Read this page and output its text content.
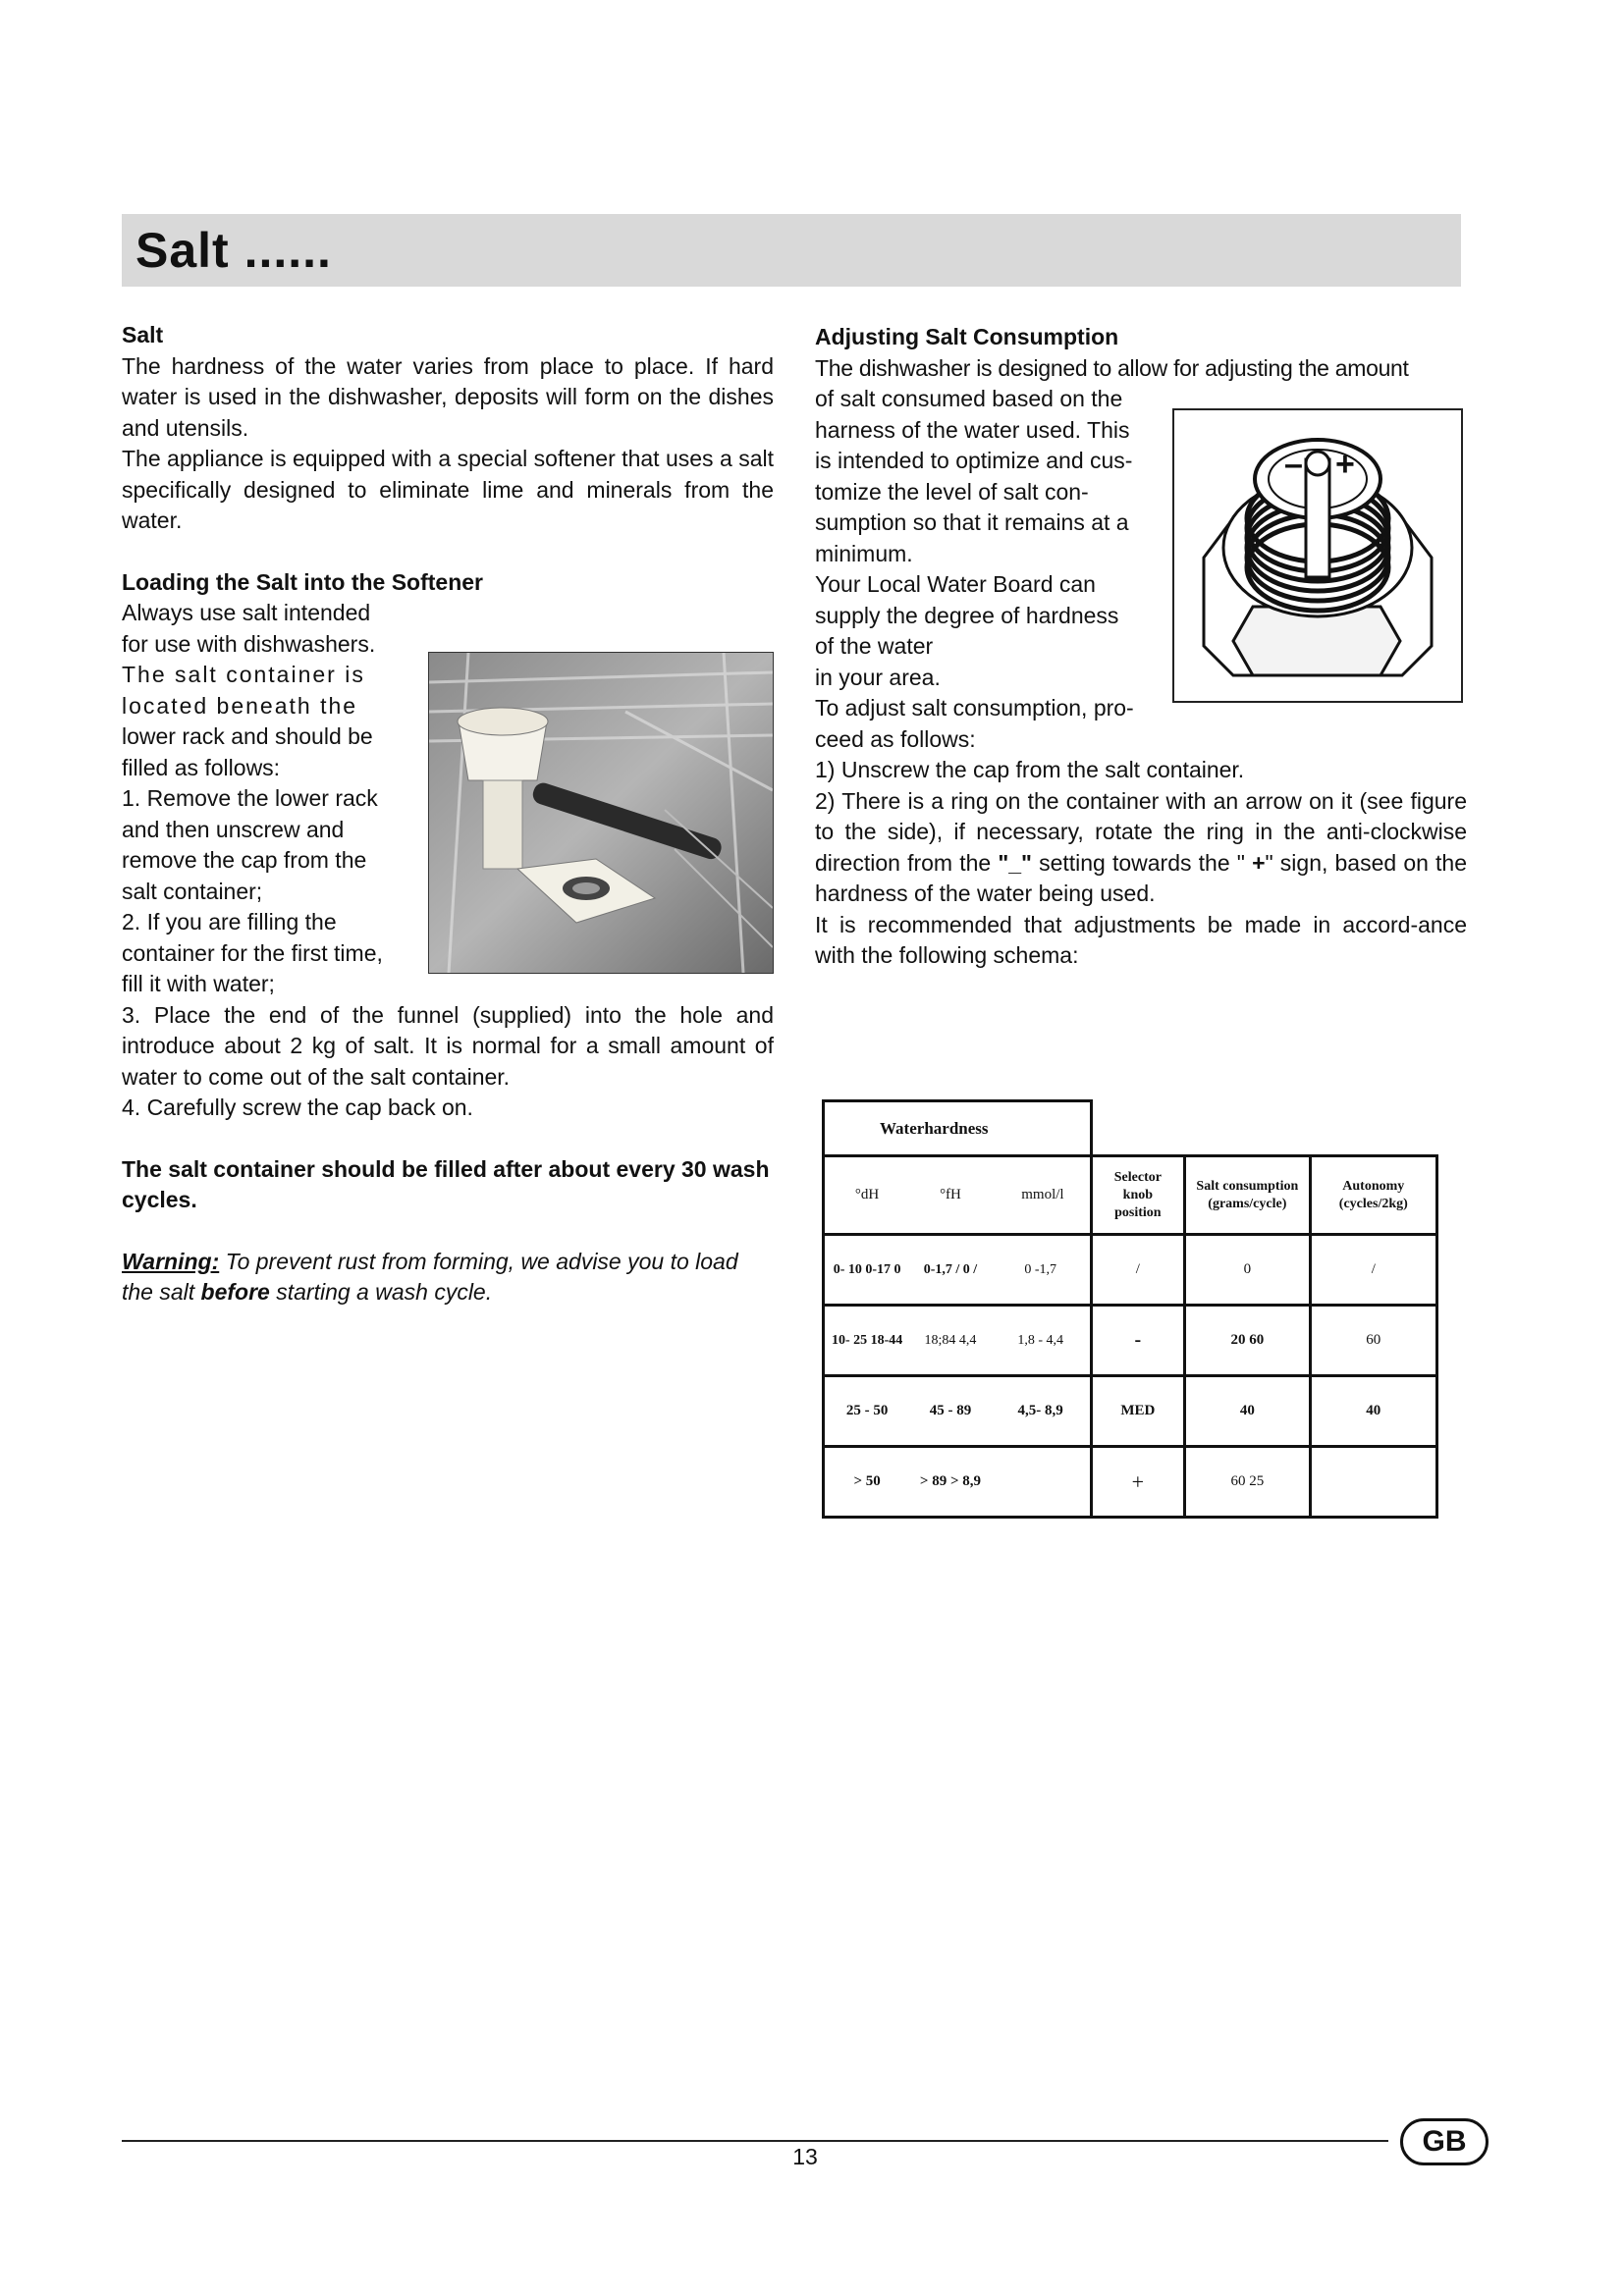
Salt ......

Salt

The hardness of the water varies from place to place. If hard water is used in the dishwasher, deposits will form on the dishes and utensils.

The appliance is equipped with a special softener that uses a salt specifically designed to eliminate lime and minerals from the water.

Loading the Salt into the Softener

Always use salt intended

for use with dishwashers.

The salt container is

located beneath the

lower rack and should be

filled as follows:

1. Remove the lower rack

and then unscrew and

remove the cap from the

salt container;

2. If you are filling the

container for the first time,

fill it with water;

3. Place the end of the funnel (supplied) into the hole and introduce about 2 kg of salt. It is normal for a small amount of water to come out of the salt container.

4. Carefully screw the cap back on.

The salt container should be filled after about every 30 wash cycles.

Warning: To prevent rust from forming, we advise you to load the salt before starting a wash cycle.

Adjusting Salt Consumption

The dishwasher is designed to allow for adjusting the amount

of salt consumed based on the

harness of the water used. This

is intended to optimize and cus-

tomize the level of salt con-

sumption so that it remains at a

minimum.

Your Local Water Board can

supply the degree of hardness

of the water

in your area.

To adjust salt consumption, pro-

ceed as follows:

1) Unscrew the cap from the salt container.

2) There is a ring on the container with an arrow on it (see figure to the side), if necessary, rotate the ring in the anti-clockwise direction from the "_" setting towards the " +" sign, based on the hardness of the water being used.

It is recommended that adjustments be made in accord-ance with the following schema:

– +
Waterhardness					
°dH	°fH	mmol/l	Selector knob position	Salt consumption (grams/cycle)	Autonomy (cycles/2kg)
0- 10 0-17 0	0-1,7 / 0 /	0 -1,7	/	0	/
10- 25 18-44	18;84 4,4	1,8 - 4,4	-	20 60	60
25 - 50	45 - 89	4,5- 8,9	MED	40	40
> 50	> 89 > 8,9		+	60 25	
13	GB
